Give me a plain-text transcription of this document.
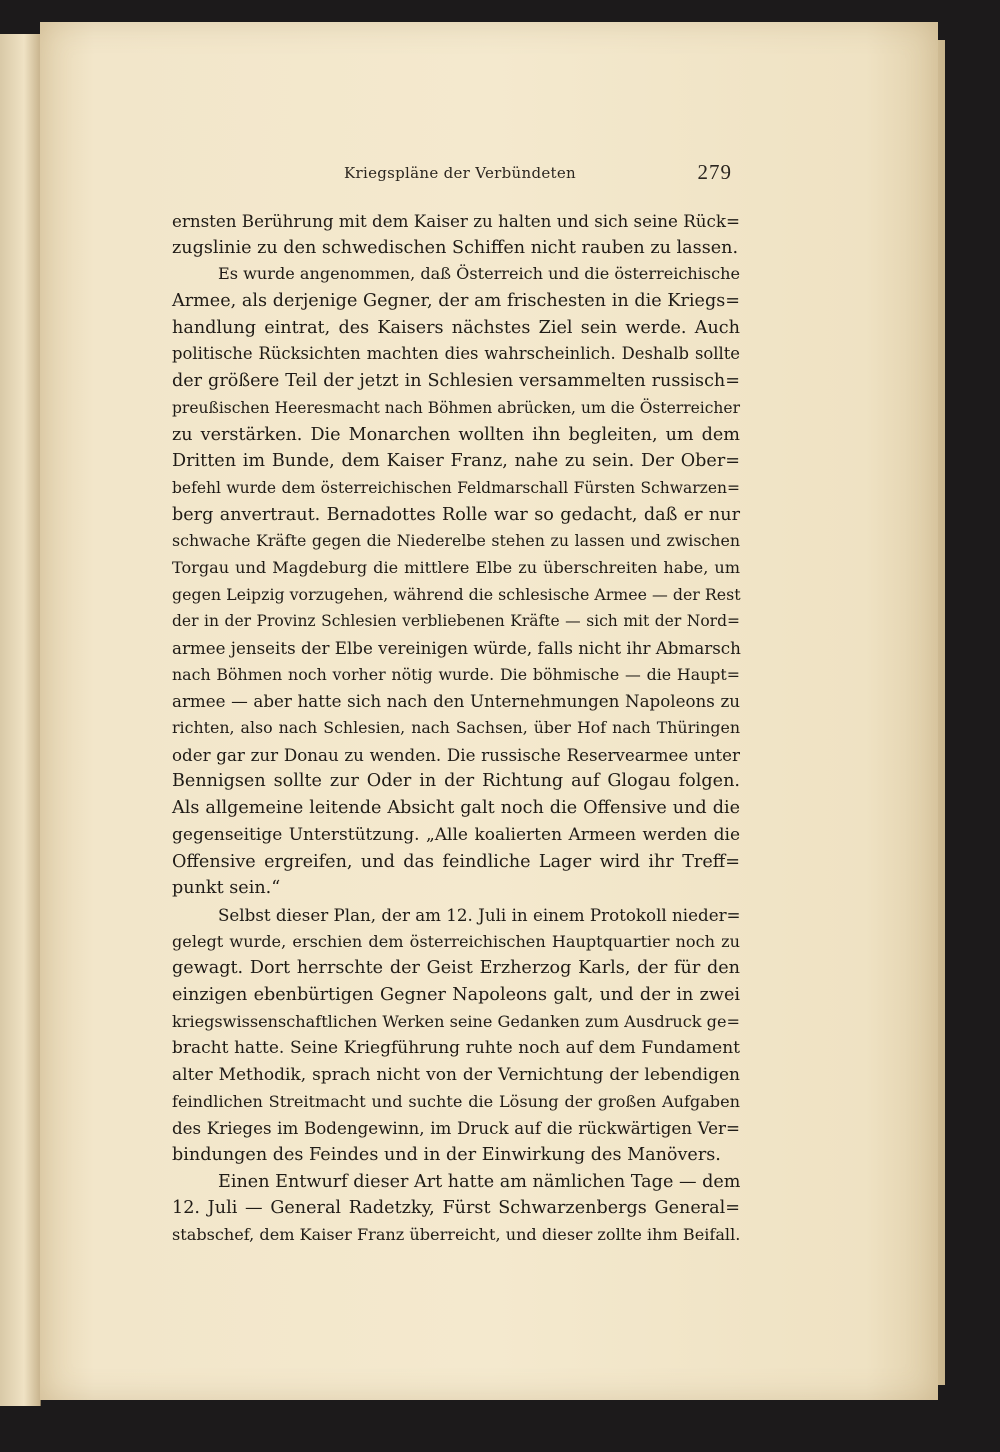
Kriegspläne der Verbündeten	279
ernsten Berührung mit dem Kaiser zu halten und sich seine Rück=
zugslinie zu den schwedischen Schiffen nicht rauben zu lassen.
Es wurde angenommen, daß Österreich und die österreichische
Armee, als derjenige Gegner, der am frischesten in die Kriegs=
handlung eintrat, des Kaisers nächstes Ziel sein werde. Auch
politische Rücksichten machten dies wahrscheinlich. Deshalb sollte
der größere Teil der jetzt in Schlesien versammelten russisch=
preußischen Heeresmacht nach Böhmen abrücken, um die Österreicher
zu verstärken. Die Monarchen wollten ihn begleiten, um dem
Dritten im Bunde, dem Kaiser Franz, nahe zu sein. Der Ober=
befehl wurde dem österreichischen Feldmarschall Fürsten Schwarzen=
berg anvertraut. Bernadottes Rolle war so gedacht, daß er nur
schwache Kräfte gegen die Niederelbe stehen zu lassen und zwischen
Torgau und Magdeburg die mittlere Elbe zu überschreiten habe, um
gegen Leipzig vorzugehen, während die schlesische Armee — der Rest
der in der Provinz Schlesien verbliebenen Kräfte — sich mit der Nord=
armee jenseits der Elbe vereinigen würde, falls nicht ihr Abmarsch
nach Böhmen noch vorher nötig wurde. Die böhmische — die Haupt=
armee — aber hatte sich nach den Unternehmungen Napoleons zu
richten, also nach Schlesien, nach Sachsen, über Hof nach Thüringen
oder gar zur Donau zu wenden. Die russische Reservearmee unter
Bennigsen sollte zur Oder in der Richtung auf Glogau folgen.
Als allgemeine leitende Absicht galt noch die Offensive und die
gegenseitige Unterstützung. „Alle koalierten Armeen werden die
Offensive ergreifen, und das feindliche Lager wird ihr Treff=
punkt sein.“
Selbst dieser Plan, der am 12. Juli in einem Protokoll nieder=
gelegt wurde, erschien dem österreichischen Hauptquartier noch zu
gewagt. Dort herrschte der Geist Erzherzog Karls, der für den
einzigen ebenbürtigen Gegner Napoleons galt, und der in zwei
kriegswissenschaftlichen Werken seine Gedanken zum Ausdruck ge=
bracht hatte. Seine Kriegführung ruhte noch auf dem Fundament
alter Methodik, sprach nicht von der Vernichtung der lebendigen
feindlichen Streitmacht und suchte die Lösung der großen Aufgaben
des Krieges im Bodengewinn, im Druck auf die rückwärtigen Ver=
bindungen des Feindes und in der Einwirkung des Manövers.
Einen Entwurf dieser Art hatte am nämlichen Tage — dem
12. Juli — General Radetzky, Fürst Schwarzenbergs General=
stabschef, dem Kaiser Franz überreicht, und dieser zollte ihm Beifall.
